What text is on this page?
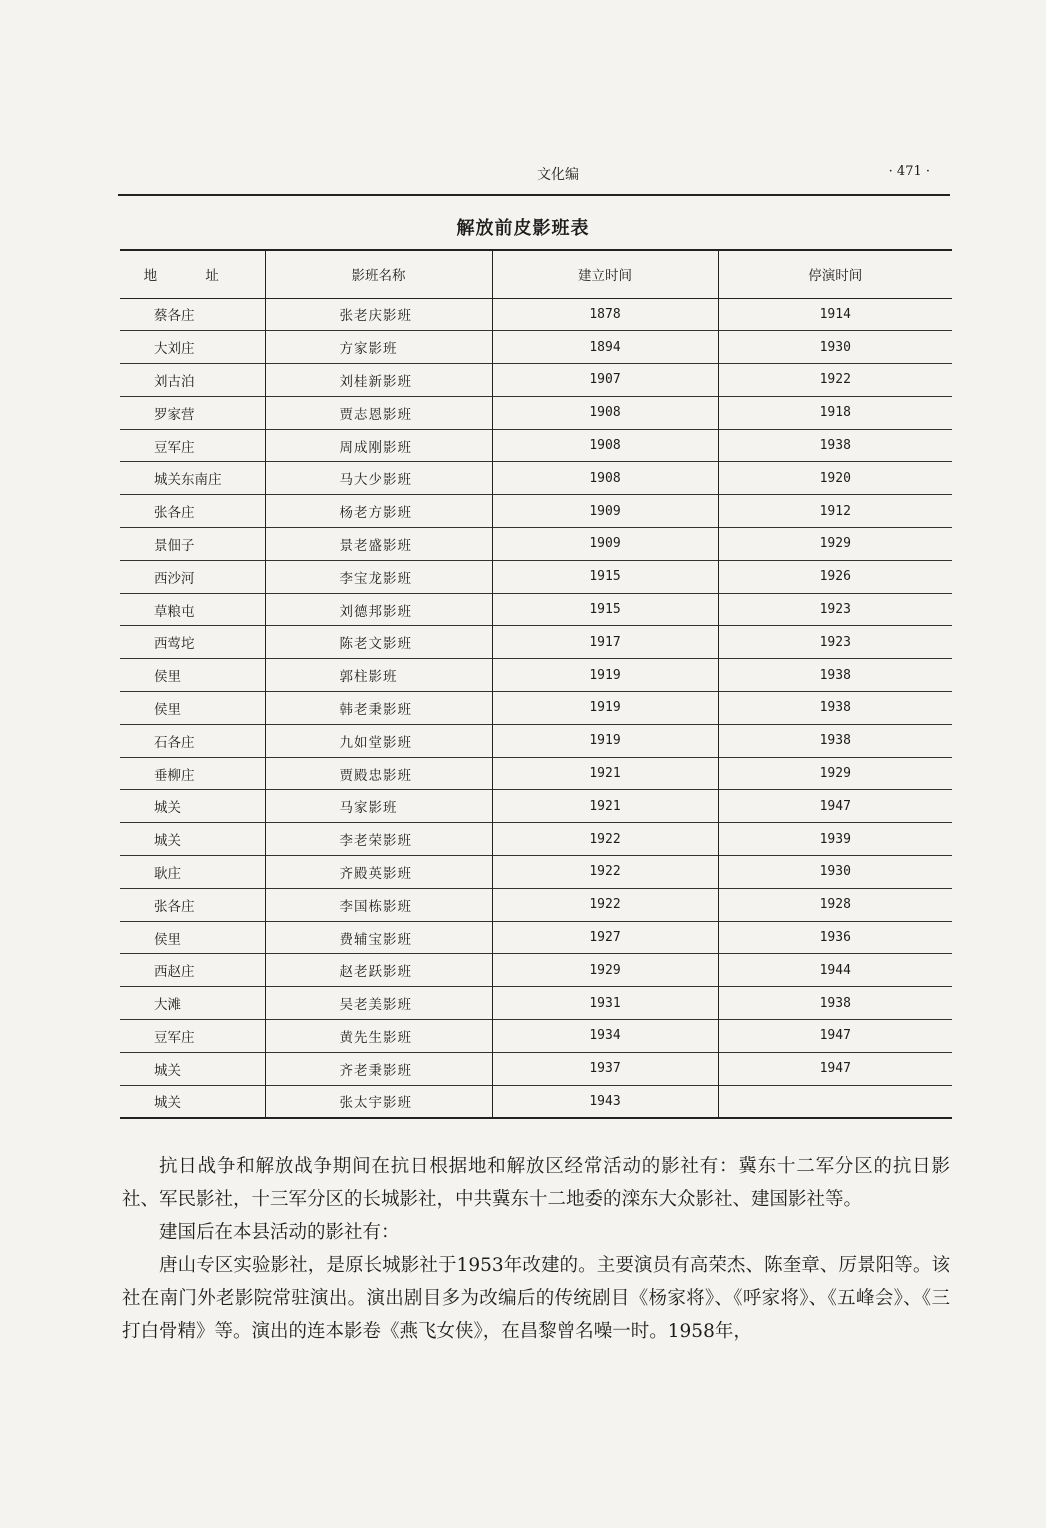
文化编	· 471 ·
解放前皮影班表
地 址	影班名称	建立时间	停演时间
蔡各庄	张老庆影班	1878	1914
大刘庄	方家影班	1894	1930
刘古泊	刘桂新影班	1907	1922
罗家营	贾志恩影班	1908	1918
豆军庄	周成刚影班	1908	1938
城关东南庄	马大少影班	1908	1920
张各庄	杨老方影班	1909	1912
景佃子	景老盛影班	1909	1929
西沙河	李宝龙影班	1915	1926
草粮屯	刘德邦影班	1915	1923
西莺坨	陈老文影班	1917	1923
侯里	郭柱影班	1919	1938
侯里	韩老秉影班	1919	1938
石各庄	九如堂影班	1919	1938
垂柳庄	贾殿忠影班	1921	1929
城关	马家影班	1921	1947
城关	李老荣影班	1922	1939
耿庄	齐殿英影班	1922	1930
张各庄	李国栋影班	1922	1928
侯里	费辅宝影班	1927	1936
西赵庄	赵老跃影班	1929	1944
大滩	吴老美影班	1931	1938
豆军庄	黄先生影班	1934	1947
城关	齐老秉影班	1937	1947
城关	张太宇影班	1943	

抗日战争和解放战争期间在抗日根据地和解放区经常活动的影社有：冀东十二军分区的抗日影社、军民影社，十三军分区的长城影社，中共冀东十二地委的滦东大众影社、建国影社等。

建国后在本县活动的影社有：

唐山专区实验影社，是原长城影社于1953年改建的。主要演员有高荣杰、陈奎章、厉景阳等。该社在南门外老影院常驻演出。演出剧目多为改编后的传统剧目《杨家将》、《呼家将》、《五峰会》、《三打白骨精》等。演出的连本影卷《燕飞女侠》，在昌黎曾名噪一时。1958年，
